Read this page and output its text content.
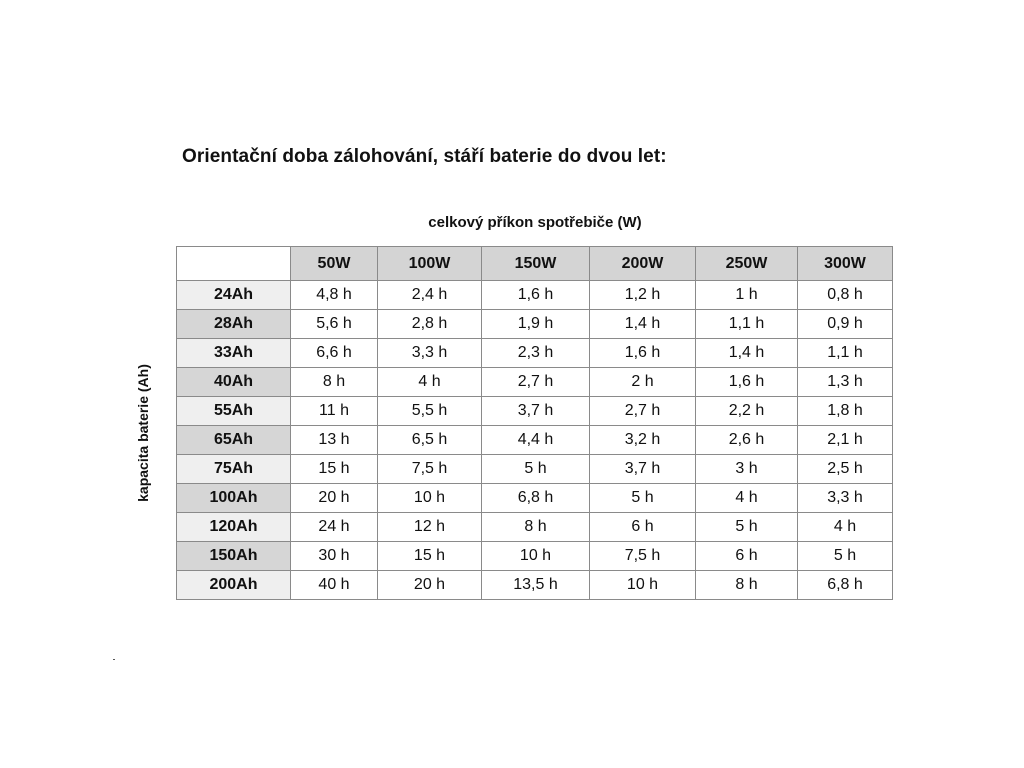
Orientační doba zálohování, stáří baterie do dvou let:
celkový příkon spotřebiče (W)
kapacita baterie (Ah)
	50W	100W	150W	200W	250W	300W
24Ah	4,8 h	2,4 h	1,6 h	1,2 h	1 h	0,8 h
28Ah	5,6 h	2,8 h	1,9 h	1,4 h	1,1 h	0,9 h
33Ah	6,6 h	3,3 h	2,3 h	1,6 h	1,4 h	1,1 h
40Ah	8 h	4 h	2,7 h	2 h	1,6 h	1,3 h
55Ah	11 h	5,5 h	3,7 h	2,7 h	2,2 h	1,8 h
65Ah	13 h	6,5 h	4,4 h	3,2 h	2,6 h	2,1 h
75Ah	15 h	7,5 h	5 h	3,7 h	3 h	2,5 h
100Ah	20 h	10 h	6,8 h	5 h	4 h	3,3 h
120Ah	24 h	12 h	8 h	6 h	5 h	4 h
150Ah	30 h	15 h	10 h	7,5 h	6 h	5 h
200Ah	40 h	20 h	13,5 h	10 h	8 h	6,8 h
